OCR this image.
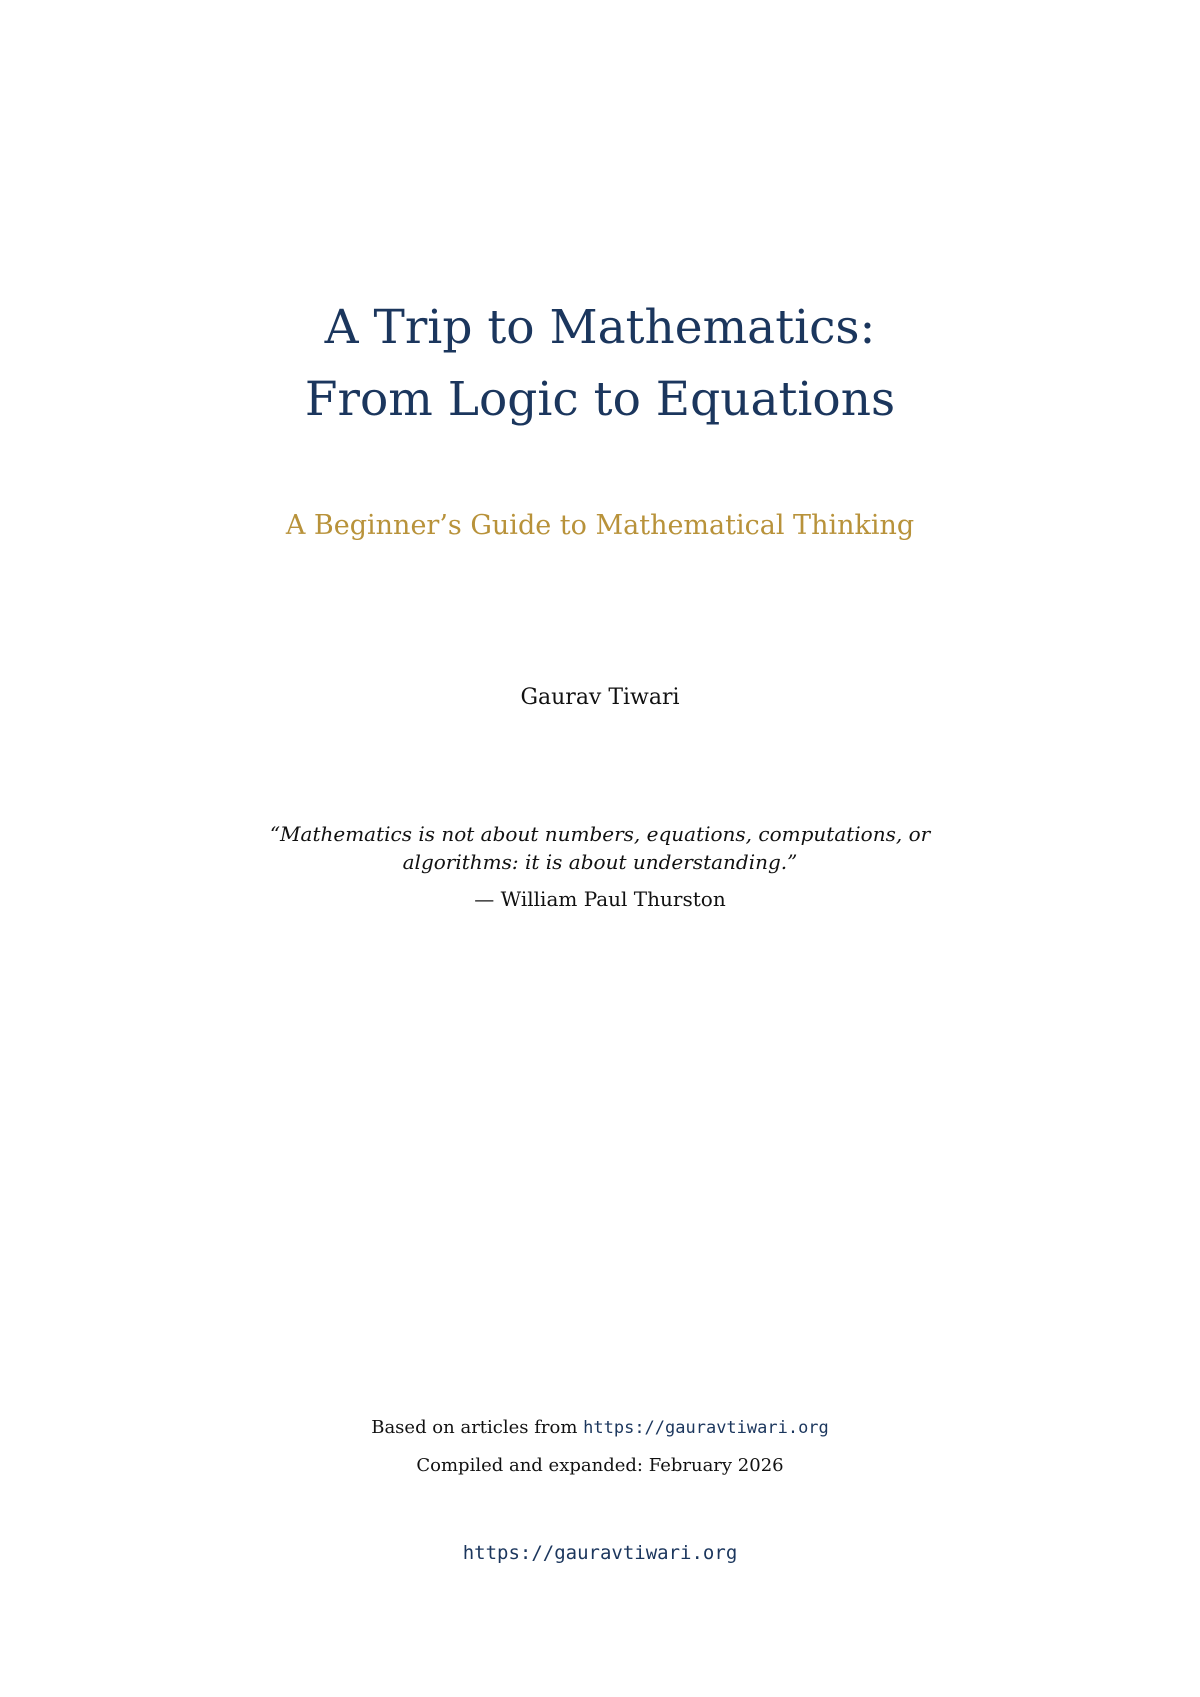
A Trip to Mathematics:
From Logic to Equations

A Beginner’s Guide to Mathematical Thinking

Gaurav Tiwari

“Mathematics is not about numbers, equations, computations, or
algorithms: it is about understanding.”

— William Paul Thurston

Based on articles from https://gauravtiwari.org

Compiled and expanded: February 2026

https://gauravtiwari.org
